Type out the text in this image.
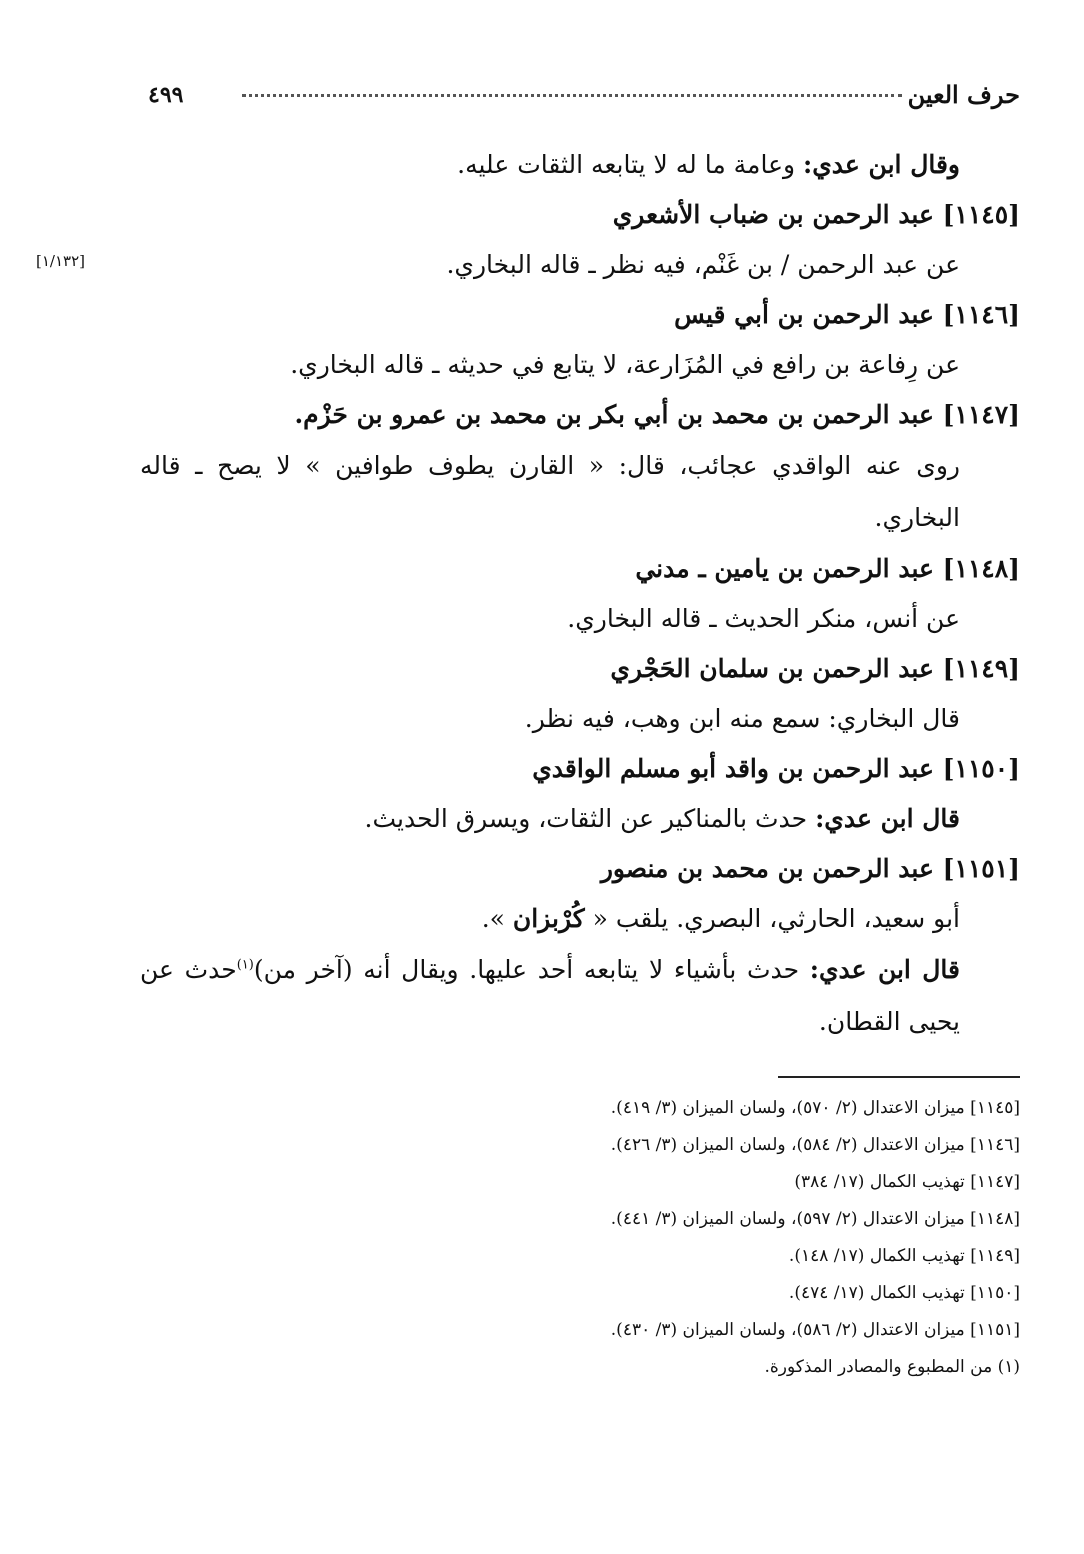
حرف العين
٤٩٩
[١/١٣٢]
وقال ابن عدي: وعامة ما له لا يتابعه الثقات عليه.
[١١٤٥] عبد الرحمن بن ضباب الأشعري
عن عبد الرحمن / بن غَنْم، فيه نظر ـ قاله البخاري.
[١١٤٦] عبد الرحمن بن أبي قيس
عن رِفاعة بن رافع في المُزَارعة، لا يتابع في حديثه ـ قاله البخاري.
[١١٤٧] عبد الرحمن بن محمد بن أبي بكر بن محمد بن عمرو بن حَزْم.
روى عنه الواقدي عجائب، قال: « القارن يطوف طوافين » لا يصح ـ قاله البخاري.
[١١٤٨] عبد الرحمن بن يامين ـ مدني
عن أنس، منكر الحديث ـ قاله البخاري.
[١١٤٩] عبد الرحمن بن سلمان الحَجْري
قال البخاري: سمع منه ابن وهب، فيه نظر.
[١١٥٠] عبد الرحمن بن واقد أبو مسلم الواقدي
قال ابن عدي: حدث بالمناكير عن الثقات، ويسرق الحديث.
[١١٥١] عبد الرحمن بن محمد بن منصور
أبو سعيد، الحارثي، البصري. يلقب « كُرْبزان ».
قال ابن عدي: حدث بأشياء لا يتابعه أحد عليها. ويقال أنه (آخر من)$^{(١)}$حدث عن يحيى القطان.
[١١٤٥] ميزان الاعتدال (٢/ ٥٧٠)، ولسان الميزان (٣/ ٤١٩).
[١١٤٦] ميزان الاعتدال (٢/ ٥٨٤)، ولسان الميزان (٣/ ٤٢٦).
[١١٤٧] تهذيب الكمال (١٧/ ٣٨٤)
[١١٤٨] ميزان الاعتدال (٢/ ٥٩٧)، ولسان الميزان (٣/ ٤٤١).
[١١٤٩] تهذيب الكمال (١٧/ ١٤٨).
[١١٥٠] تهذيب الكمال (١٧/ ٤٧٤).
[١١٥١] ميزان الاعتدال (٢/ ٥٨٦)، ولسان الميزان (٣/ ٤٣٠).
(١) من المطبوع والمصادر المذكورة.
